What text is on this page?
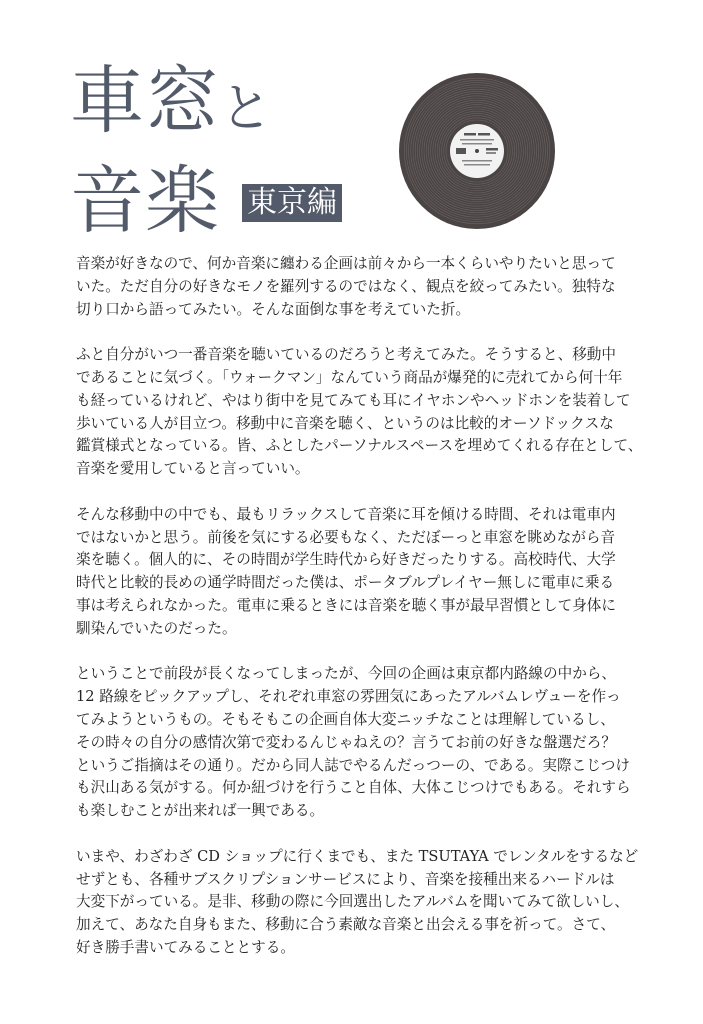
車窓と
音楽 東京編

音楽が好きなので、何か音楽に纏わる企画は前々から一本くらいやりたいと思って
いた。ただ自分の好きなモノを羅列するのではなく、観点を絞ってみたい。独特な
切り口から語ってみたい。そんな面倒な事を考えていた折。

ふと自分がいつ一番音楽を聴いているのだろうと考えてみた。そうすると、移動中
であることに気づく。「ウォークマン」なんていう商品が爆発的に売れてから何十年
も経っているけれど、やはり街中を見てみても耳にイヤホンやヘッドホンを装着して
歩いている人が目立つ。移動中に音楽を聴く、というのは比較的オーソドックスな
鑑賞様式となっている。皆、ふとしたパーソナルスペースを埋めてくれる存在として、
音楽を愛用していると言っていい。

そんな移動中の中でも、最もリラックスして音楽に耳を傾ける時間、それは電車内
ではないかと思う。前後を気にする必要もなく、ただぼーっと車窓を眺めながら音
楽を聴く。個人的に、その時間が学生時代から好きだったりする。高校時代、大学
時代と比較的長めの通学時間だった僕は、ポータブルプレイヤー無しに電車に乗る
事は考えられなかった。電車に乗るときには音楽を聴く事が最早習慣として身体に
馴染んでいたのだった。

ということで前段が長くなってしまったが、今回の企画は東京都内路線の中から、
12 路線をピックアップし、それぞれ車窓の雰囲気にあったアルバムレヴューを作っ
てみようというもの。そもそもこの企画自体大変ニッチなことは理解しているし、
その時々の自分の感情次第で変わるんじゃねえの？言うてお前の好きな盤選だろ？
というご指摘はその通り。だから同人誌でやるんだっつーの、である。実際こじつけ
も沢山ある気がする。何か紐づけを行うこと自体、大体こじつけでもある。それすら
も楽しむことが出来れば一興である。

いまや、わざわざ CD ショップに行くまでも、また TSUTAYA でレンタルをするなど
せずとも、各種サブスクリプションサービスにより、音楽を接種出来るハードルは
大変下がっている。是非、移動の際に今回選出したアルバムを聞いてみて欲しいし、
加えて、あなた自身もまた、移動に合う素敵な音楽と出会える事を祈って。さて、
好き勝手書いてみることとする。
